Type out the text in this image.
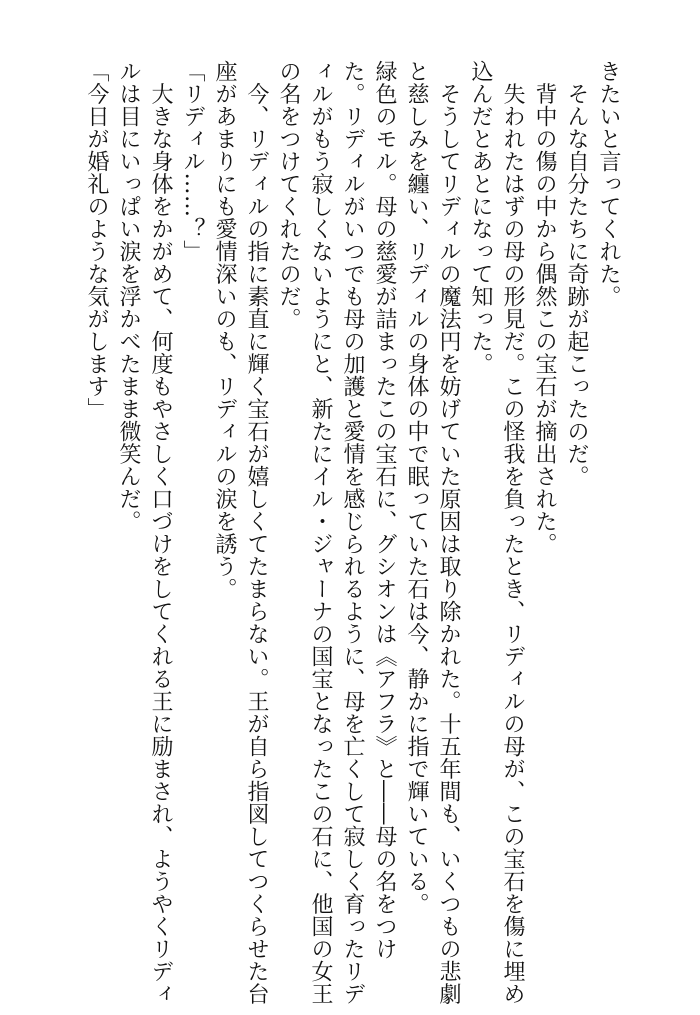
きたいと言ってくれた。
　そんな自分たちに奇跡が起こったのだ。
　背中の傷の中から偶然この宝石が摘出された。
　失われたはずの母の形見だ。この怪我を負ったとき、リディルの母が、この宝石を傷に埋め
込んだとあとになって知った。
　そうしてリディルの魔法円を妨げていた原因は取り除かれた。十五年間も、いくつもの悲劇
と慈しみを纏い、リディルの身体の中で眠っていた石は今、静かに指で輝いている。
緑色のモル。母の慈愛が詰まったこの宝石に、グシオンは《アフラ》と――母の名をつけ
た。リディルがいつでも母の加護と愛情を感じられるように、母を亡くして寂しく育ったリデ
ィルがもう寂しくないようにと、新たにイル・ジャーナの国宝となったこの石に、他国の女王
の名をつけてくれたのだ。
　今、リディルの指に素直に輝く宝石が嬉しくてたまらない。王が自ら指図してつくらせた台
座があまりにも愛情深いのも、リディルの涙を誘う。
「リディル……？」
　大きな身体をかがめて、何度もやさしく口づけをしてくれる王に励まされ、ようやくリディ
ルは目にいっぱい涙を浮かべたまま微笑んだ。
「今日が婚礼のような気がします」
